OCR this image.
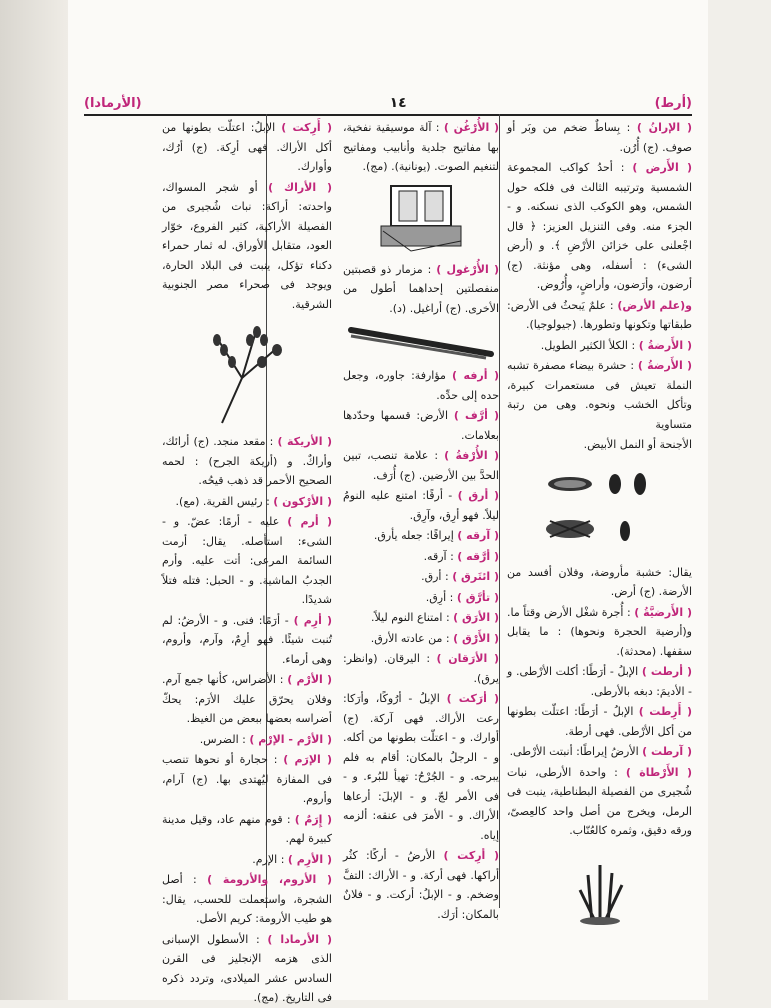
(أرط)
١٤
(الأرمادا)
( الإرانُ ) : بِساطٌ ضخم من وبَر أو صوف. (ج) أُرُن.
( الأَرض ) : أحدُ كواكب المجموعة الشمسية وترتيبه الثالث فى فلكه حول الشمس، وهو الكوكب الذى نسكنه. و - الجزء منه. وفى التنزيل العزيز: ﴿ قال اجْعلنى على خزائن الأرْضِ ﴾. و (أرض الشىء) : أسفله، وهى مؤنثة. (ج) أرضون، وأرَضون، وأراضٍ، وأُرُوض.
و(علم الأرض) : علمٌ يَبحثُ فى الأرض: طبقاتها وتكونها وتطورها. (جيولوجيا).
( الأَرضةُ ) : الكلأ الكثير الطويل.
( الأَرضةُ ) : حشرة بيضاء مصفرة تشبه النملة تعيش فى مستعمرات كبيرة، وتأكل الخشب ونحوه. وهى من رتبة متساوية
الأجنحة أو النمل الأبيض.
يقال: خشبة مأروضة، وفلان أفسد من الأرضة. (ج) أرض.
( الأَرضيَّةُ ) : أُجرة شغْل الأرض وقتاً ما. و(أرضية الحجرة ونحوها) : ما يقابل سقفها. (محدثة).
( أرطت ) الإبلُ - أرَطًا: أكلت الأرْطى. و - الأديمَ: دبغه بالأرطى.
( أَرِطت ) الإبلُ - أرَطًا: اعتلّت بطونها من أكل الأرْطى. فهى أرطة.
( آرطت ) الأرضُ إيراطًا: أنبتت الأرْطى.
( الأَرْطاة ) : واحدة الأرطى، نبات شُجيرى من الفصيلة البطناطية، ينبت فى الرمل، ويخرج من أصل واحد كالعِصىّ، ورقه دقيق، وثمره كالعُنّاب.
( الأُرْغُن ) : آلة موسيقية نفخية، بها مفاتيح جلدية وأنابيب ومفاتيح لتنغيم الصوت. (يونانية). (مج).
( الأُرْغول ) : مزمار ذو قصبتين منفصلتين إحداهما أطول من الأخرى. (ج) أراغيل. (د).
( أرفه ) مؤارفة: جاوره، وجعل حده إلى حدِّه.
( أرَّف ) الأرض: قسمها وحدّدها بعلامات.
( الأُرْفةُ ) : علامة تنصب، تبين الحدَّ بين الأرضين. (ج) أُرَف.
( أرق ) - أرقًا: امتنع عليه النومُ ليلاً. فهو أرِق، وآرِق.
( آرقه ) إيراقًا: جعله يأرق.
( أرَّقه ) : آرقه.
( ائتَرق ) : أرق.
( تأرَّق ) : أرِق.
( الأرَق ) : امتناع النوم ليلاً.
( الأَرْق ) : من عادته الأرق.
( الأرَقان ) : اليرقان. (وانظر: يرق).
( أرَكت ) الإبلُ - أرُوكًا، وأرَكا: رعت الأراك. فهى آركة. (ج) أوارك. و - اعتلّت بطونها من أكله. و - الرجلُ بالمكان: أقام به فلم يبرحه. و - الجُرْحُ: تهيأ للبُرء. و - فى الأمر لجّ. و - الإبلَ: أرعاها الأراك. و - الأمرَ فى عنقه: ألزمه إياه.
( أرِكت ) الأرضُ - أركًا: كثُر أراكها. فهى أركة. و - الأراك: التفَّ وضخم. و - الإبلُ: أركت. و - فلانٌ بالمكان: أرَك.
( أَرِكت ) الإبلُ: اعتلّت بطونها من أكل الأراك. فهى أرِكة. (ج) أرُك، وأوارك.
( الأراك ) أو شجر المسواك، واحدته: أراكة: نبات شُجيرى من الفصيلة الأراكية، كثير الفروع، خوّار العود، متقابل الأوراق. له ثمار حمراء دكناء تؤكل، ينبت فى البلاد الحارة، ويوجد فى صحراء مصر الجنوبية الشرقية.
( الأريكة ) : مقعد منجد. (ج) أرائك، وأراكٌ. و (أريكة الجرح) : لحمه الصحيح الأحمر قد ذهب قيحُه.
( الأرْكون ) : رئيس القرية. (مع).
( أرم ) عليه - أرمًا: عضّ. و - الشىء: استأصله. يقال: أرمت السائمة المرعى: أتت عليه. وأرم الجدبُ الماشية. و - الحبل: فتله فتلاً شديدًا.
( أرِم ) - أرَمًا: فنى. و - الأرضُ: لم تُنبت شيئًا. فهو أرِمٌ، وآرم، وأروم، وهى أرماء.
( الأرْم ) : الأضراس، كأنها جمع آرم. وفلان يحرّق عليك الأرَم: يحكّ أضراسه بعضها ببعض من الغيظ.
( الأرْم - الإرْم ) : الضرس.
( الإرَم ) : حجارة أو نحوها تنصب فى المفازة ليُهتدى بها. (ج) آرام، وأروم.
( إِرَمٌ ) : قوم منهم عاد، وقيل مدينة كبيرة لهم.
( الأرِم ) : الإرم.
( الأروم، والأرومة ) : أصل الشجرة، واستعملت للحسب، يقال: هو طيب الأرومة: كريم الأصل.
( الأرمادا ) : الأسطول الإسبانى الذى هزمه الإنجليز فى القرن السادس عشر الميلادى، وتردد ذكره فى التاريخ. (مج).
